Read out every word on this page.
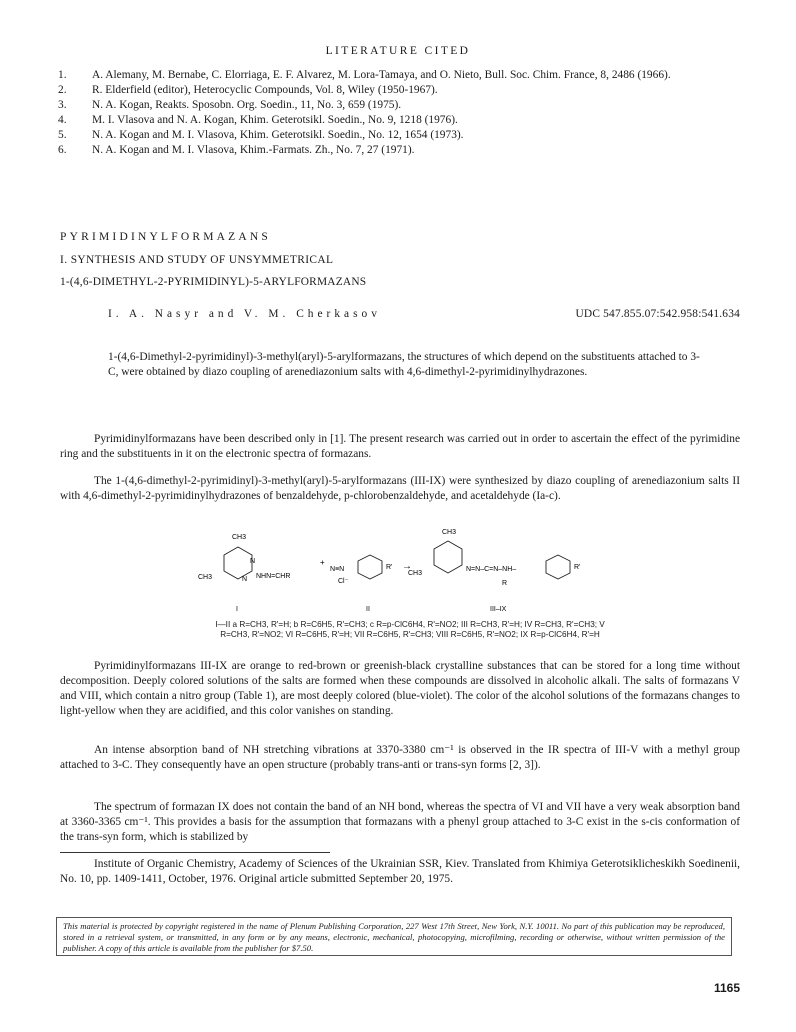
LITERATURE CITED
1. A. Alemany, M. Bernabe, C. Elorriaga, E. F. Alvarez, M. Lora-Tamaya, and O. Nieto, Bull. Soc. Chim. France, 8, 2486 (1966).
2. R. Elderfield (editor), Heterocyclic Compounds, Vol. 8, Wiley (1950-1967).
3. N. A. Kogan, Reakts. Sposobn. Org. Soedin., 11, No. 3, 659 (1975).
4. M. I. Vlasova and N. A. Kogan, Khim. Geterotsikl. Soedin., No. 9, 1218 (1976).
5. N. A. Kogan and M. I. Vlasova, Khim. Geterotsikl. Soedin., No. 12, 1654 (1973).
6. N. A. Kogan and M. I. Vlasova, Khim.-Farmats. Zh., No. 7, 27 (1971).
PYRIMIDINYLFORMAZANS
I. SYNTHESIS AND STUDY OF UNSYMMETRICAL
1-(4,6-DIMETHYL-2-PYRIMIDINYL)-5-ARYLFORMAZANS
I. A. Nasyr and V. M. Cherkasov	UDC 547.855.07:542.958:541.634
1-(4,6-Dimethyl-2-pyrimidinyl)-3-methyl(aryl)-5-arylformazans, the structures of which depend on the substituents attached to 3-C, were obtained by diazo coupling of arenediazonium salts with 4,6-dimethyl-2-pyrimidinylhydrazones.
Pyrimidinylformazans have been described only in [1]. The present research was carried out in order to ascertain the effect of the pyrimidine ring and the substituents in it on the electronic spectra of formazans.
The 1-(4,6-dimethyl-2-pyrimidinyl)-3-methyl(aryl)-5-arylformazans (III-IX) were synthesized by diazo coupling of arenediazonium salts II with 4,6-dimethyl-2-pyrimidinylhydrazones of benzaldehyde, p-chlorobenzaldehyde, and acetaldehyde (Ia-c).
CH3
N
N
CH3	NHN=CHR
+
N≡N
Cl⁻
R' →
CH3
CH3
N=N–C=N–NH–
R
R'
I	II	III–IX
I—II a R=CH3, R'=H; b R=C6H5, R'=CH3; c R=p-ClC6H4, R'=NO2; III R=CH3, R'=H; IV R=CH3, R'=CH3; V R=CH3, R'=NO2; VI R=C6H5, R'=H; VII R=C6H5, R'=CH3; VIII R=C6H5, R'=NO2; IX R=p-ClC6H4, R'=H
Pyrimidinylformazans III-IX are orange to red-brown or greenish-black crystalline substances that can be stored for a long time without decomposition. Deeply colored solutions of the salts are formed when these compounds are dissolved in alcoholic alkali. The salts of formazans V and VIII, which contain a nitro group (Table 1), are most deeply colored (blue-violet). The color of the alcohol solutions of the formazans changes to light-yellow when they are acidified, and this color vanishes on standing.
An intense absorption band of NH stretching vibrations at 3370-3380 cm⁻¹ is observed in the IR spectra of III-V with a methyl group attached to 3-C. They consequently have an open structure (probably trans-anti or trans-syn forms [2, 3]).
The spectrum of formazan IX does not contain the band of an NH bond, whereas the spectra of VI and VII have a very weak absorption band at 3360-3365 cm⁻¹. This provides a basis for the assumption that formazans with a phenyl group attached to 3-C exist in the s-cis conformation of the trans-syn form, which is stabilized by
Institute of Organic Chemistry, Academy of Sciences of the Ukrainian SSR, Kiev. Translated from Khimiya Geterotsiklicheskikh Soedinenii, No. 10, pp. 1409-1411, October, 1976. Original article submitted September 20, 1975.
This material is protected by copyright registered in the name of Plenum Publishing Corporation, 227 West 17th Street, New York, N.Y. 10011. No part of this publication may be reproduced, stored in a retrieval system, or transmitted, in any form or by any means, electronic, mechanical, photocopying, microfilming, recording or otherwise, without written permission of the publisher. A copy of this article is available from the publisher for $7.50.
1165
